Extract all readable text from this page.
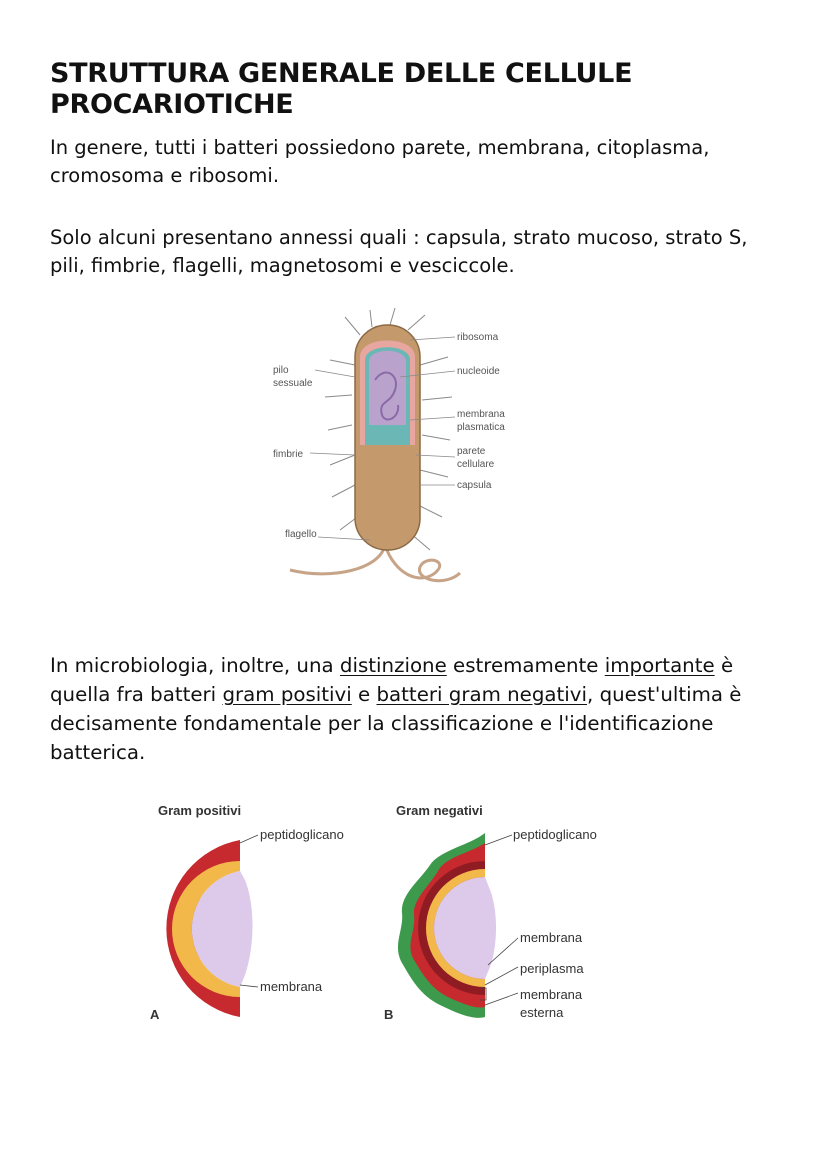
STRUTTURA GENERALE DELLE CELLULE PROCARIOTICHE
In genere, tutti i batteri possiedono parete, membrana, citoplasma, cromosoma e ribosomi.
Solo alcuni presentano annessi quali : capsula, strato mucoso, strato S, pili, fimbrie, flagelli, magnetosomi e vesciccole.
ribosoma
nucleoide
membrana
plasmatica
parete
cellulare
capsula
pilo
sessuale
fimbrie
flagello
In microbiologia, inoltre, una distinzione estremamente importante è quella fra batteri gram positivi e batteri gram negativi, quest'ultima è decisamente fondamentale per la classificazione e l'identificazione batterica.
Gram positivi
peptidoglicano
membrana
A
Gram negativi
peptidoglicano
membrana
periplasma
membrana
esterna
B
